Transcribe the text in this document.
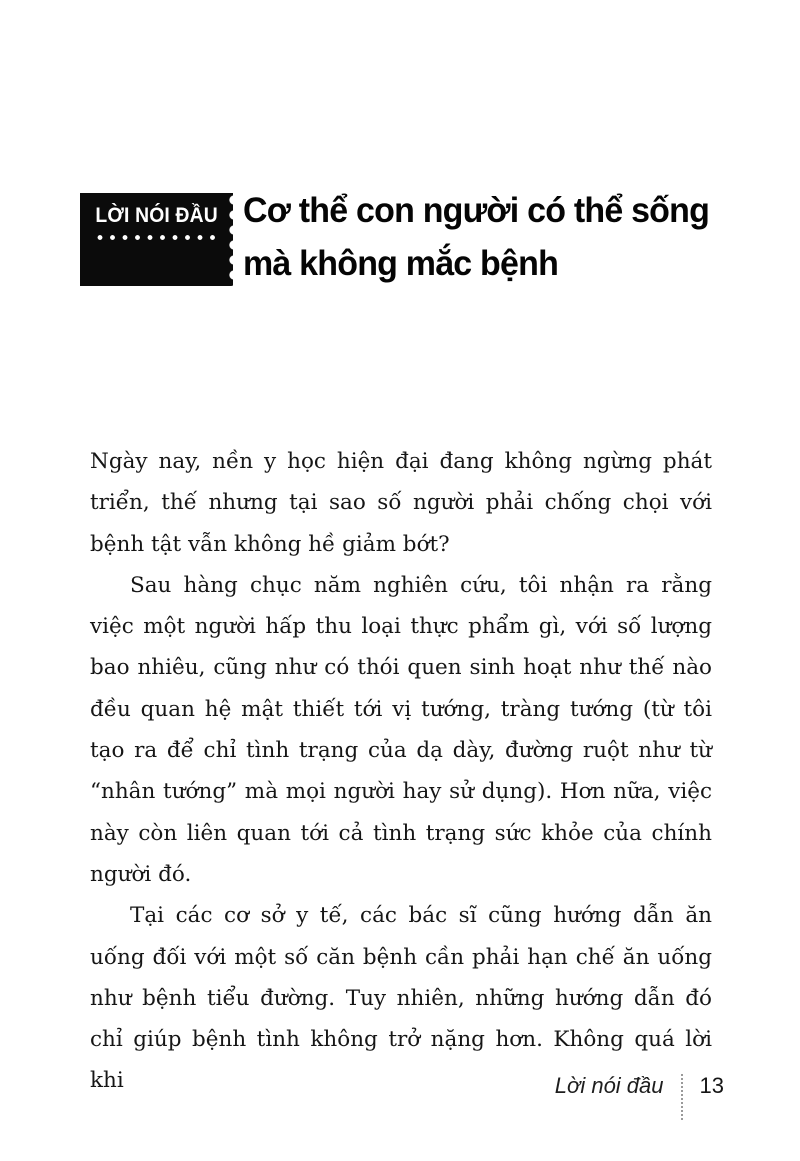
LỜI NÓI ĐẦU Cơ thể con người có thể sống
mà không mắc bệnh

Ngày nay, nền y học hiện đại đang không ngừng phát triển, thế nhưng tại sao số người phải chống chọi với bệnh tật vẫn không hề giảm bớt?

Sau hàng chục năm nghiên cứu, tôi nhận ra rằng việc một người hấp thu loại thực phẩm gì, với số lượng bao nhiêu, cũng như có thói quen sinh hoạt như thế nào đều quan hệ mật thiết tới vị tướng, tràng tướng (từ tôi tạo ra để chỉ tình trạng của dạ dày, đường ruột như từ “nhân tướng” mà mọi người hay sử dụng). Hơn nữa, việc này còn liên quan tới cả tình trạng sức khỏe của chính người đó.

Tại các cơ sở y tế, các bác sĩ cũng hướng dẫn ăn uống đối với một số căn bệnh cần phải hạn chế ăn uống như bệnh tiểu đường. Tuy nhiên, những hướng dẫn đó chỉ giúp bệnh tình không trở nặng hơn. Không quá lời khi	Lời nói đầu 13
